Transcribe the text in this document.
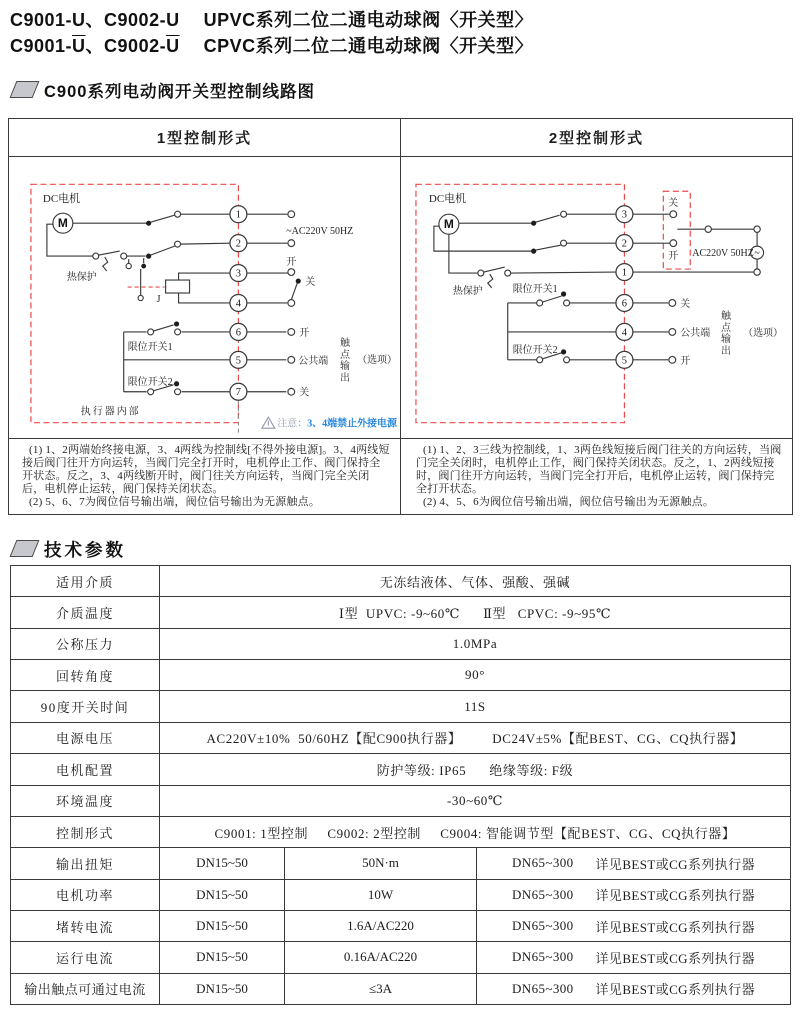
C9001-U、C9002-U UPVC系列二位二通电动球阀〈开关型〉
$C9001-\overline{U}$、$C9002-\overline{U}$ CPVC系列二位二通电动球阀〈开关型〉
C900系列电动阀开关型控制线路图
1型控制形式	2型控制形式
M
1
2
3
4
6
5
7
DC电机
热保护
J
~AC220V 50HZ
开
关
限位开关1
限位开关2
开
公共端
关
（选项）
执行器内部
注意： 3、4端禁止外接电源
M
~
3
2
1
6
4
5
DC电机
热保护
关
开 AC220V 50HZ
限位开关1
限位开关2
关
公共端
开
（选项）
触点输出
触点输出

(1) 1、2两端始终接电源，3、4两线为控制线[不得外接电源]。3、4两线短接后阀门往开方向运转，当阀门完全打开时，电机停止工作、阀门保持全开状态。反之，3、4两线断开时，阀门往关方向运转，当阀门完全关闭后，电机停止运转，阀门保持关闭状态。

(2) 5、6、7为阀位信号输出端，阀位信号输出为无源触点。

(1) 1、2、3三线为控制线，1、3两色线短接后阀门往关的方向运转，当阀门完全关闭时，电机停止工作，阀门保持关闭状态。反之，1、2两线短接时，阀门往开方向运转，当阀门完全打开后，电机停止运转，阀门保持完全打开状态。

(2) 4、5、6为阀位信号输出端，阀位信号输出为无源触点。

技术参数
适用介质	无冻结液体、气体、强酸、强碱
介质温度	Ⅰ型  UPVC: -9~60℃      Ⅱ型   CPVC: -9~95℃
公称压力	1.0MPa
回转角度	90°
90度开关时间	11S
电源电压	AC220V±10%  50/60HZ【配C900执行器】        DC24V±5%【配BEST、CG、CQ执行器】
电机配置	防护等级: IP65      绝缘等级: F级
环境温度	-30~60℃
控制形式	C9001: 1型控制     C9002: 2型控制     C9004: 智能调节型【配BEST、CG、CQ执行器】
输出扭矩	DN15~50	50N·m	DN65~300 详见BEST或CG系列执行器
电机功率	DN15~50	10W	DN65~300 详见BEST或CG系列执行器
堵转电流	DN15~50	1.6A/AC220	DN65~300 详见BEST或CG系列执行器
运行电流	DN15~50	0.16A/AC220	DN65~300 详见BEST或CG系列执行器
输出触点可通过电流	DN15~50	≤3A	DN65~300 详见BEST或CG系列执行器
